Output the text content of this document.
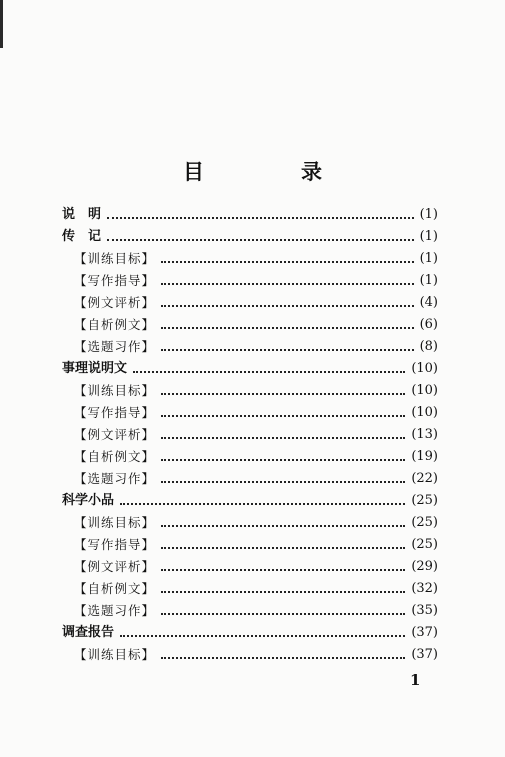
目　录
说　明	(1)
传　记	(1)
【训练目标】	(1)
【写作指导】	(1)
【例文评析】	(4)
【自析例文】	(6)
【选题习作】	(8)
事理说明文	(10)
【训练目标】	(10)
【写作指导】	(10)
【例文评析】	(13)
【自析例文】	(19)
【选题习作】	(22)
科学小品	(25)
【训练目标】	(25)
【写作指导】	(25)
【例文评析】	(29)
【自析例文】	(32)
【选题习作】	(35)
调查报告	(37)
【训练目标】	(37)
1
